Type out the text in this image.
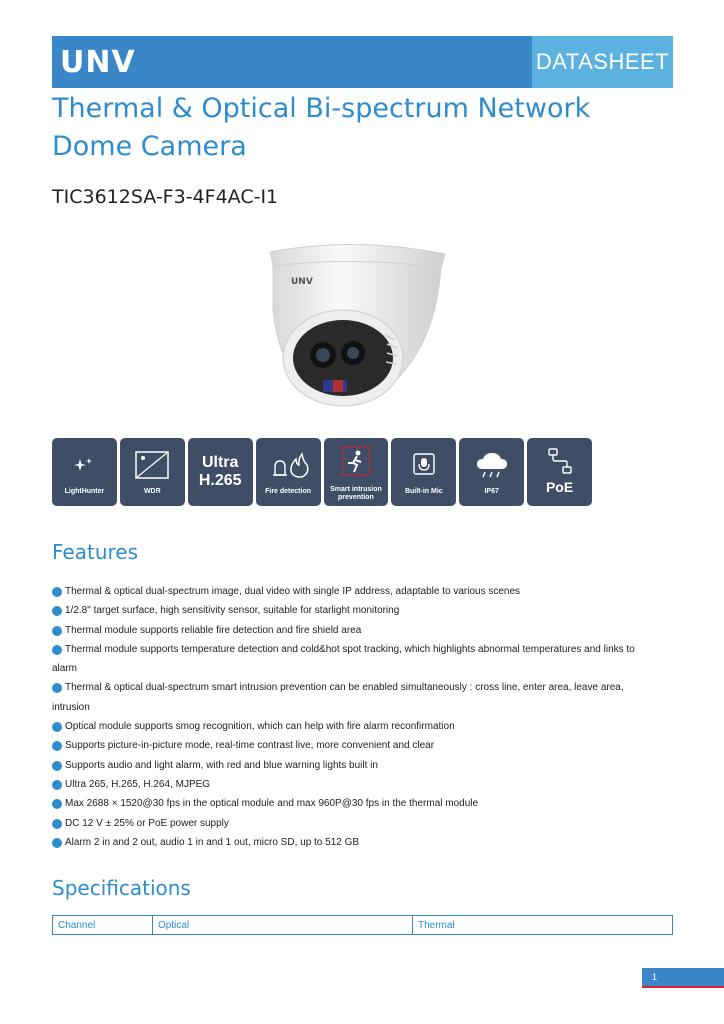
UNV	DATASHEET
Thermal & Optical Bi-spectrum Network Dome Camera
TIC3612SA-F3-4F4AC-I1
UNV
LightHunter	WDR
Ultra H.265
Fire detection	Smart intrusion prevention
Built-in Mic	IP67	PoE
Features
Thermal & optical dual-spectrum image, dual video with single IP address, adaptable to various scenes
1/2.8" target surface, high sensitivity sensor, suitable for starlight monitoring
Thermal module supports reliable fire detection and fire shield area
Thermal module supports temperature detection and cold&hot spot tracking, which highlights abnormal temperatures and links to
alarm
Thermal & optical dual-spectrum smart intrusion prevention can be enabled simultaneously : cross line, enter area, leave area,
intrusion
Optical module supports smog recognition, which can help with fire alarm reconfirmation
Supports picture-in-picture mode, real-time contrast live, more convenient and clear
Supports audio and light alarm, with red and blue warning lights built in
Ultra 265, H.265, H.264, MJPEG
Max 2688 × 1520@30 fps in the optical module and max 960P@30 fps in the thermal module
DC 12 V ± 25% or PoE power supply
Alarm 2 in and 2 out, audio 1 in and 1 out, micro SD, up to 512 GB
Specifications
Channel	Optical	Thermal
1
